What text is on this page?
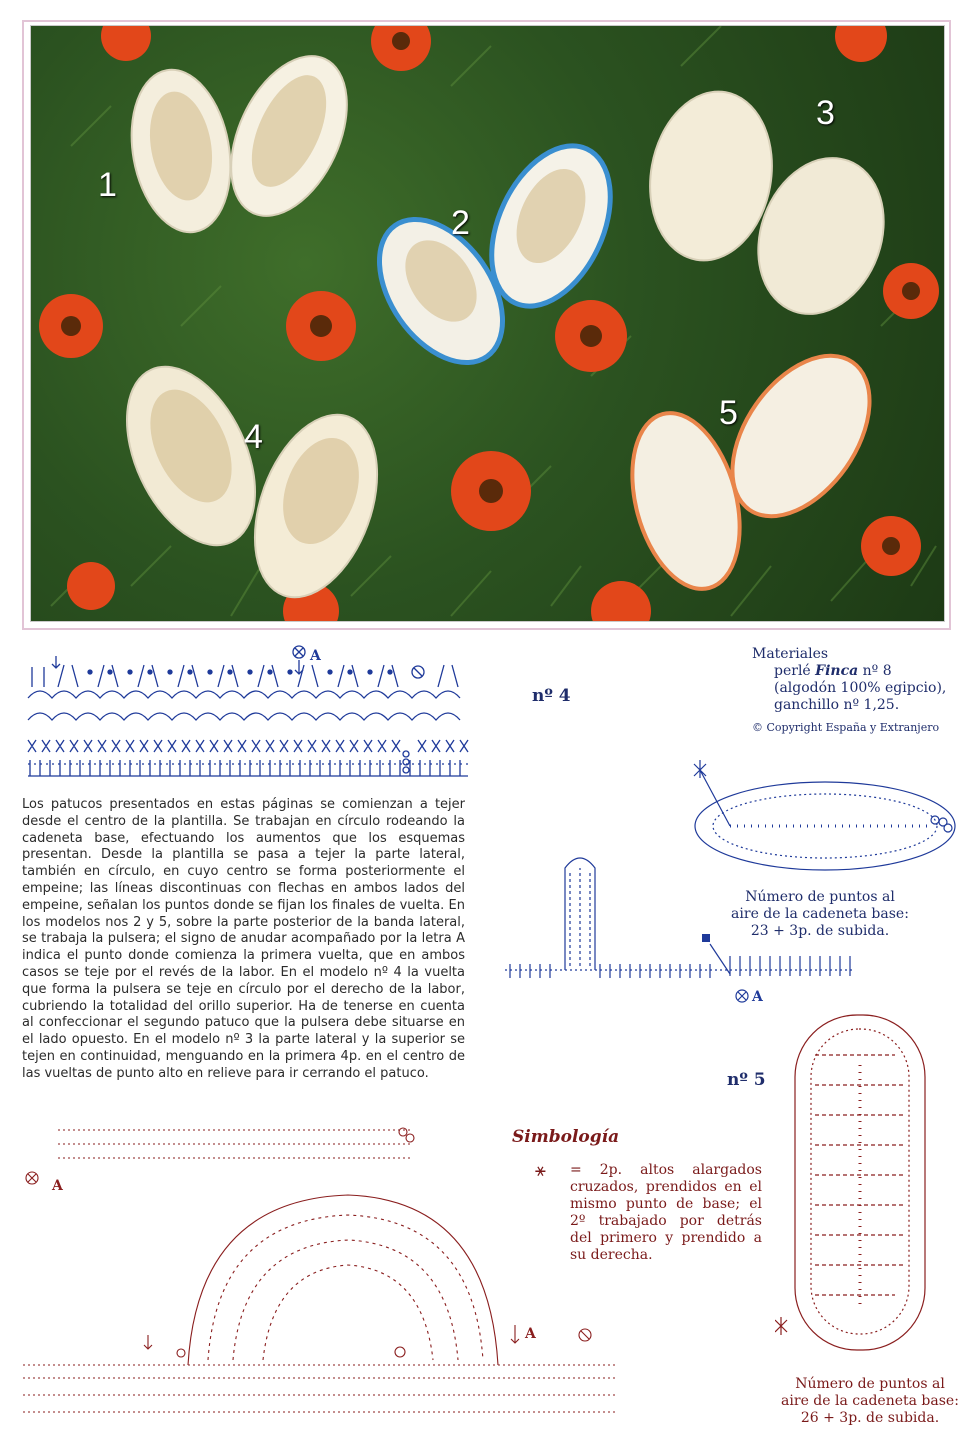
1
2
3
4
5
A
nº 4
Materiales
perlé Finca nº 8
(algodón 100% egipcio),
ganchillo nº 1,25.
© Copyright España y Extranjero
Número de puntos al
aire de la cadeneta base:
23 + 3p. de subida.
A

Los patucos presentados en estas páginas se comienzan a tejer desde el centro de la plantilla. Se trabajan en círculo rodeando la cadeneta base, efectuando los aumentos que los esquemas presentan. Desde la plantilla se pasa a tejer la parte lateral, también en círculo, en cuyo centro se forma posteriormente el empeine; las líneas discontinuas con flechas en ambos lados del empeine, señalan los puntos donde se fijan los finales de vuelta. En los modelos nos 2 y 5, sobre la parte posterior de la banda lateral, se trabaja la pulsera; el signo de anudar acompañado por la letra A indica el punto donde comienza la primera vuelta, que en ambos casos se teje por el revés de la labor. En el modelo nº 4 la vuelta que forma la pulsera se teje en círculo por el derecho de la labor, cubriendo la totalidad del orillo superior. Ha de tenerse en cuenta al confeccionar el segundo patuco que la pulsera debe situarse en el lado opuesto. En el modelo nº 3 la parte lateral y la superior se tejen en continuidad, menguando en la primera 4p. en el centro de las vueltas de punto alto en relieve para ir cerrando el patuco.	nº 5
Número de puntos al
aire de la cadeneta base:
26 + 3p. de subida.
A
A
Simbología
⚹ = 2p. altos alargados cruzados, prendidos en el mismo punto de base; el 2º trabajado por detrás del primero y prendido a su derecha.
